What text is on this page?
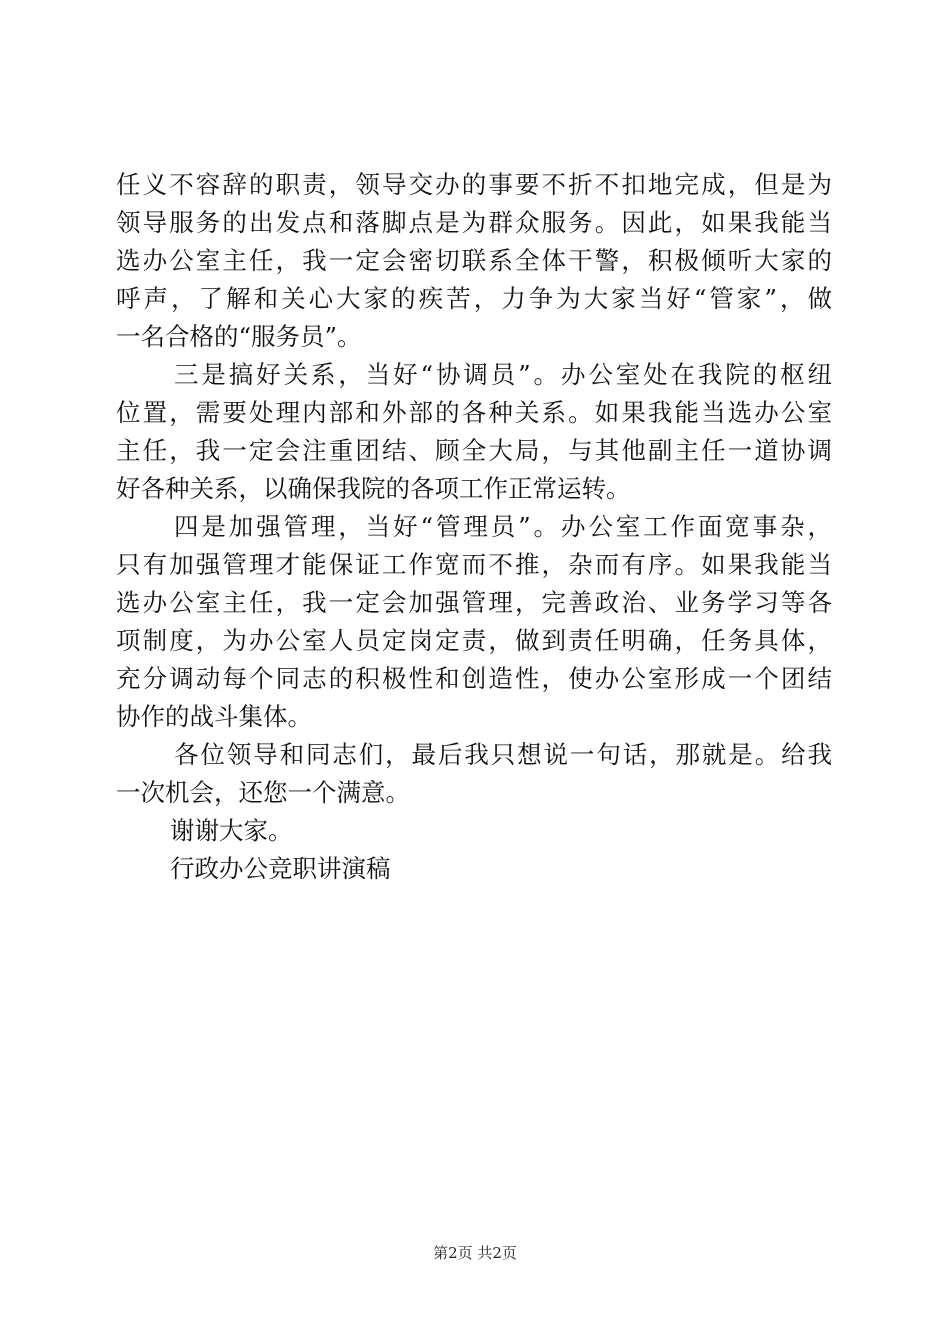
任义不容辞的职责，领导交办的事要不折不扣地完成，但是为
领导服务的出发点和落脚点是为群众服务。因此，如果我能当
选办公室主任，我一定会密切联系全体干警，积极倾听大家的
呼声，了解和关心大家的疾苦，力争为大家当好“管家”，做
一名合格的“服务员”。
三是搞好关系，当好“协调员”。办公室处在我院的枢纽
位置，需要处理内部和外部的各种关系。如果我能当选办公室
主任，我一定会注重团结、顾全大局，与其他副主任一道协调
好各种关系，以确保我院的各项工作正常运转。
四是加强管理，当好“管理员”。办公室工作面宽事杂，
只有加强管理才能保证工作宽而不推，杂而有序。如果我能当
选办公室主任，我一定会加强管理，完善政治、业务学习等各
项制度，为办公室人员定岗定责，做到责任明确，任务具体，
充分调动每个同志的积极性和创造性，使办公室形成一个团结
协作的战斗集体。
各位领导和同志们，最后我只想说一句话，那就是。给我
一次机会，还您一个满意。
谢谢大家。
行政办公竞职讲演稿
第2页 共2页
